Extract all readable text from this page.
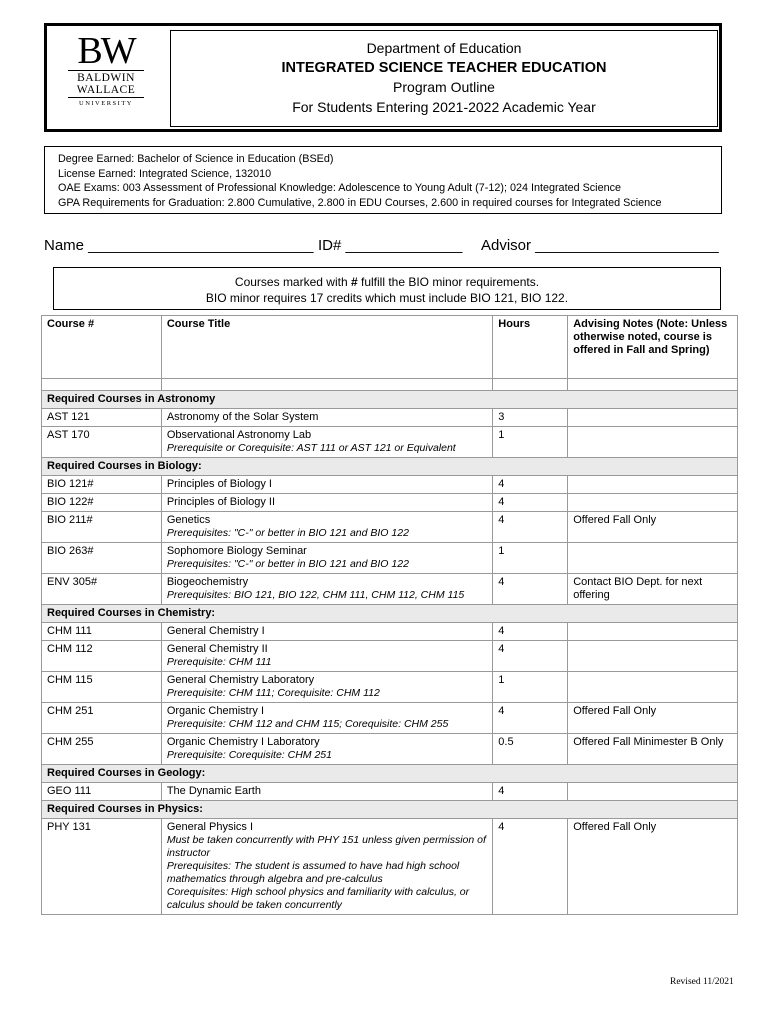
BW
BALDWIN
WALLACE
UNIVERSITY
Department of Education
INTEGRATED SCIENCE TEACHER EDUCATION
Program Outline
For Students Entering 2021-2022 Academic Year
Degree Earned: Bachelor of Science in Education (BSEd)
License Earned: Integrated Science, 132010
OAE Exams: 003 Assessment of Professional Knowledge: Adolescence to Young Adult (7-12); 024 Integrated Science
GPA Requirements for Graduation: 2.800 Cumulative, 2.800 in EDU Courses, 2.600 in required courses for Integrated Science
Name ___________________________ ID# ______________ Advisor ______________________
Courses marked with # fulfill the BIO minor requirements.
BIO minor requires 17 credits which must include BIO 121, BIO 122.
Course #	Course Title	Hours	Advising Notes (Note: Unless otherwise noted, course is offered in Fall and Spring)

Required Courses in Astronomy			
AST 121	Astronomy of the Solar System	3	
AST 170	Observational Astronomy Lab
Prerequisite or Corequisite: AST 111 or AST 121 or Equivalent	1	
Required Courses in Biology:			
BIO 121#	Principles of Biology I	4	
BIO 122#	Principles of Biology II	4	
BIO 211#	Genetics
Prerequisites: "C-" or better in BIO 121 and BIO 122	4	Offered Fall Only
BIO 263#	Sophomore Biology Seminar
Prerequisites: "C-" or better in BIO 121 and BIO 122	1	
ENV 305#	Biogeochemistry
Prerequisites: BIO 121, BIO 122, CHM 111, CHM 112, CHM 115	4	Contact BIO Dept. for next offering
Required Courses in Chemistry:			
CHM 111	General Chemistry I	4	
CHM 112	General Chemistry II
Prerequisite: CHM 111	4	
CHM 115	General Chemistry Laboratory
Prerequisite: CHM 111; Corequisite: CHM 112	1	
CHM 251	Organic Chemistry I
Prerequisite: CHM 112 and CHM 115; Corequisite: CHM 255	4	Offered Fall Only
CHM 255	Organic Chemistry I Laboratory
Prerequisite: Corequisite: CHM 251	0.5	Offered Fall Minimester B Only
Required Courses in Geology:			
GEO 111	The Dynamic Earth	4	
Required Courses in Physics:			
PHY 131	General Physics I
Must be taken concurrently with PHY 151 unless given permission of instructor
Prerequisites: The student is assumed to have had high school mathematics through algebra and pre-calculus
Corequisites: High school physics and familiarity with calculus, or calculus should be taken concurrently	4	Offered Fall Only
Revised 11/2021
